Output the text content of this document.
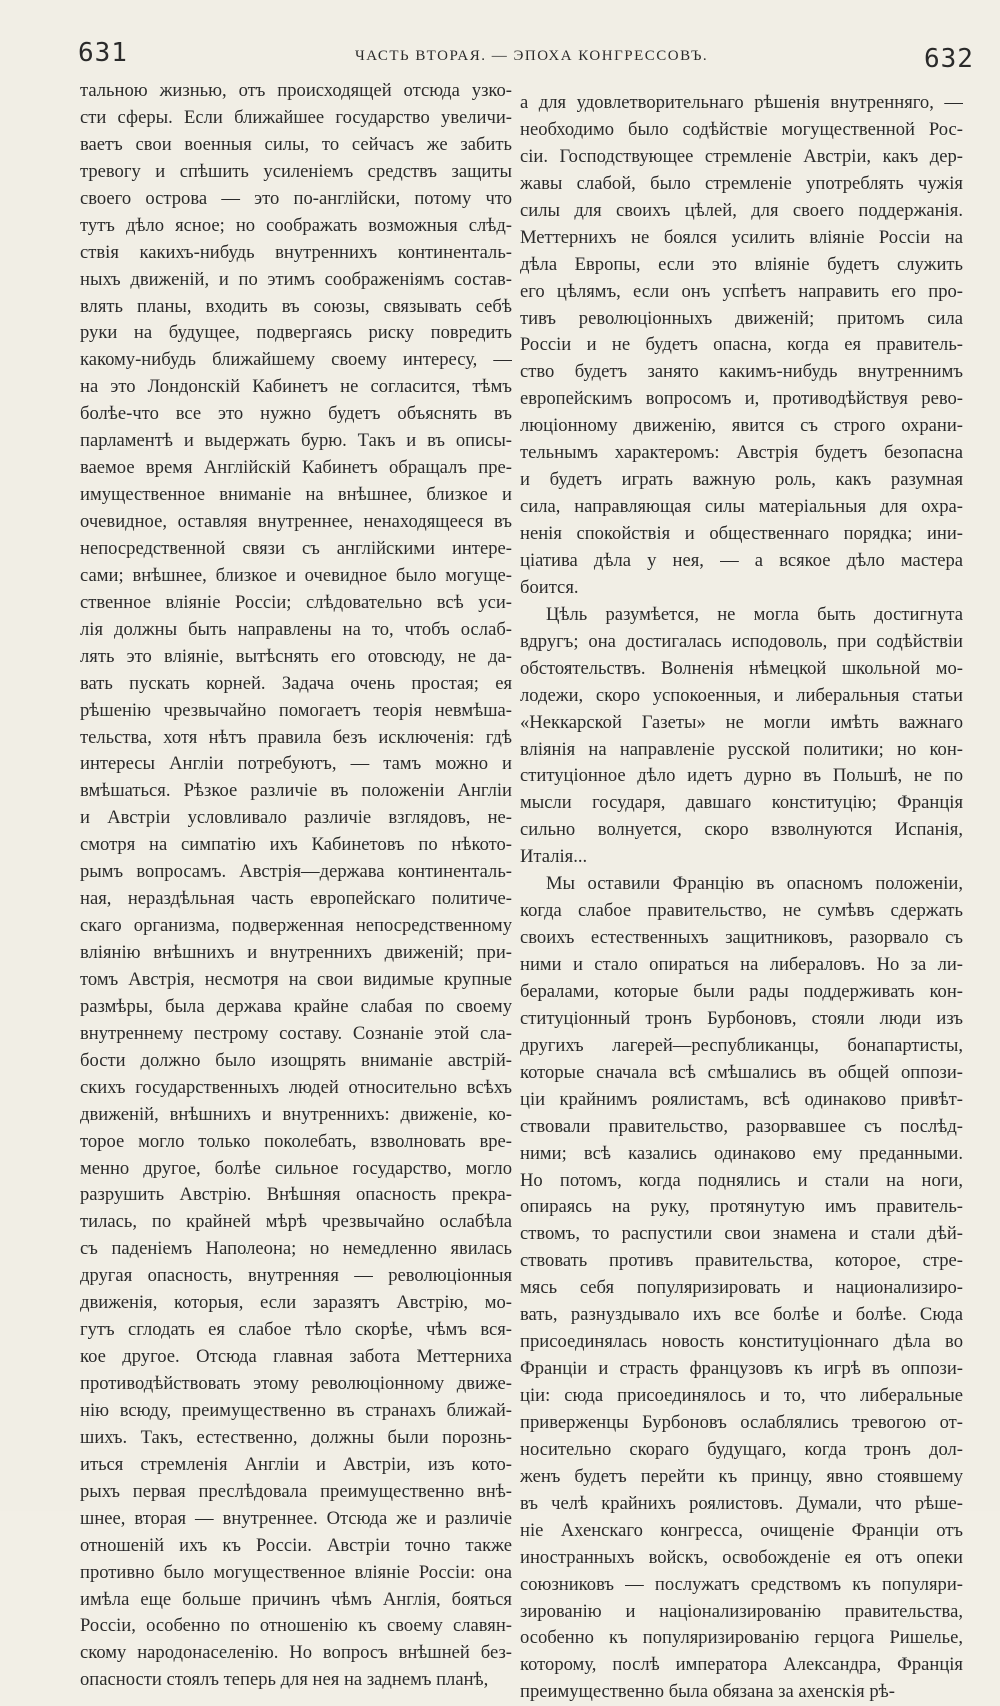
631	ЧАСТЬ ВТОРАЯ. — ЭПОХА КОНГРЕССОВЪ.	632
тальною жизнью, отъ происходящей отсюда узко-
сти сферы. Если ближайшее государство увеличи-
ваетъ свои военныя силы, то сейчасъ же забить
тревогу и спѣшить усиленіемъ средствъ защиты
своего острова — это по-англійски, потому что
тутъ дѣло ясное; но соображать возможныя слѣд-
ствія какихъ-нибудь внутреннихъ континенталь-
ныхъ движеній, и по этимъ соображеніямъ состав-
влять планы, входить въ союзы, связывать себѣ
руки на будущее, подвергаясь риску повредить
какому-нибудь ближайшему своему интересу, —
на это Лондонскій Кабинетъ не согласится, тѣмъ
болѣе-что все это нужно будетъ объяснять въ
парламентѣ и выдержать бурю. Такъ и въ описы-
ваемое время Англійскій Кабинетъ обращалъ пре-
имущественное вниманіе на внѣшнее, близкое и
очевидное, оставляя внутреннее, ненаходящееся въ
непосредственной связи съ англійскими интере-
сами; внѣшнее, близкое и очевидное было могуще-
ственное вліяніе Россіи; слѣдовательно всѣ уси-
лія должны быть направлены на то, чтобъ ослаб-
лять это вліяніе, вытѣснять его отовсюду, не да-
вать пускать корней. Задача очень простая; ея
рѣшенію чрезвычайно помогаетъ теорія невмѣша-
тельства, хотя нѣтъ правила безъ исключенія: гдѣ
интересы Англіи потребуютъ, — тамъ можно и
вмѣшаться. Рѣзкое различіе въ положеніи Англіи
и Австріи условливало различіе взглядовъ, не-
смотря на симпатію ихъ Кабинетовъ по нѣкото-
рымъ вопросамъ. Австрія—держава континенталь-
ная, нераздѣльная часть европейскаго политиче-
скаго организма, подверженная непосредственному
вліянію внѣшнихъ и внутреннихъ движеній; при-
томъ Австрія, несмотря на свои видимые крупные
размѣры, была держава крайне слабая по своему
внутреннему пестрому составу. Сознаніе этой сла-
бости должно было изощрять вниманіе австрій-
скихъ государственныхъ людей относительно всѣхъ
движеній, внѣшнихъ и внутреннихъ: движеніе, ко-
торое могло только поколебать, взволновать вре-
менно другое, болѣе сильное государство, могло
разрушить Австрію. Внѣшняя опасность прекра-
тилась, по крайней мѣрѣ чрезвычайно ослабѣла
съ паденіемъ Наполеона; но немедленно явилась
другая опасность, внутренняя — революціонныя
движенія, которыя, если заразятъ Австрію, мо-
гутъ сглодать ея слабое тѣло скорѣе, чѣмъ вся-
кое другое. Отсюда главная забота Меттерниха
противодѣйствовать этому революціонному движе-
нію всюду, преимущественно въ странахъ ближай-
шихъ. Такъ, естественно, должны были порознь-
иться стремленія Англіи и Австріи, изъ кото-
рыхъ первая преслѣдовала преимущественно внѣ-
шнее, вторая — внутреннее. Отсюда же и различіе
отношеній ихъ къ Россіи. Австріи точно также
противно было могущественное вліяніе Россіи: она
имѣла еще больше причинъ чѣмъ Англія, бояться
Россіи, особенно по отношенію къ своему славян-
скому народонаселенію. Но вопросъ внѣшней без-
опасности стоялъ теперь для нея на заднемъ планѣ,
а для удовлетворительнаго рѣшенія внутренняго, —
необходимо было содѣйствіе могущественной Рос-
сіи. Господствующее стремленіе Австріи, какъ дер-
жавы слабой, было стремленіе употреблять чужія
силы для своихъ цѣлей, для своего поддержанія.
Меттернихъ не боялся усилить вліяніе Россіи на
дѣла Европы, если это вліяніе будетъ служить
его цѣлямъ, если онъ успѣетъ направить его про-
тивъ революціонныхъ движеній; притомъ сила
Россіи и не будетъ опасна, когда ея правитель-
ство будетъ занято какимъ-нибудь внутреннимъ
европейскимъ вопросомъ и, противодѣйствуя рево-
люціонному движенію, явится съ строго охрани-
тельнымъ характеромъ: Австрія будетъ безопасна
и будетъ играть важную роль, какъ разумная
сила, направляющая силы матеріальныя для охра-
ненія спокойствія и общественнаго порядка; ини-
ціатива дѣла у нея, — а всякое дѣло мастера
боится.
Цѣль разумѣется, не могла быть достигнута
вдругъ; она достигалась исподоволь, при содѣйствіи
обстоятельствъ. Волненія нѣмецкой школьной мо-
лодежи, скоро успокоенныя, и либеральныя статьи
«Неккарской Газеты» не могли имѣть важнаго
вліянія на направленіе русской политики; но кон-
ституціонное дѣло идетъ дурно въ Польшѣ, не по
мысли государя, давшаго конституцію; Франція
сильно волнуется, скоро взволнуются Испанія,
Италія...
Мы оставили Францію въ опасномъ положеніи,
когда слабое правительство, не сумѣвъ сдержать
своихъ естественныхъ защитниковъ, разорвало съ
ними и стало опираться на либераловъ. Но за ли-
бералами, которые были рады поддерживать кон-
ституціонный тронъ Бурбоновъ, стояли люди изъ
другихъ лагерей—республиканцы, бонапартисты,
которые сначала всѣ смѣшались въ общей оппози-
ціи крайнимъ роялистамъ, всѣ одинаково привѣт-
ствовали правительство, разорвавшее съ послѣд-
ними; всѣ казались одинаково ему преданными.
Но потомъ, когда поднялись и стали на ноги,
опираясь на руку, протянутую имъ правитель-
ствомъ, то распустили свои знамена и стали дѣй-
ствовать противъ правительства, которое, стре-
мясь себя популяризировать и национализиро-
вать, разнуздывало ихъ все болѣе и болѣе. Сюда
присоединялась новость конституціоннаго дѣла во
Франціи и страсть французовъ къ игрѣ въ оппози-
ціи: сюда присоединялось и то, что либеральные
приверженцы Бурбоновъ ослаблялись тревогою от-
носительно скораго будущаго, когда тронъ дол-
женъ будетъ перейти къ принцу, явно стоявшему
въ челѣ крайнихъ роялистовъ. Думали, что рѣше-
ніе Ахенскаго конгресса, очищеніе Франціи отъ
иностранныхъ войскъ, освобожденіе ея отъ опеки
союзниковъ — послужатъ средствомъ къ популяри-
зированію и націонализированію правительства,
особенно къ популяризированію герцога Ришелье,
которому, послѣ императора Александра, Франція
преимущественно была обязана за ахенскія рѣ-
